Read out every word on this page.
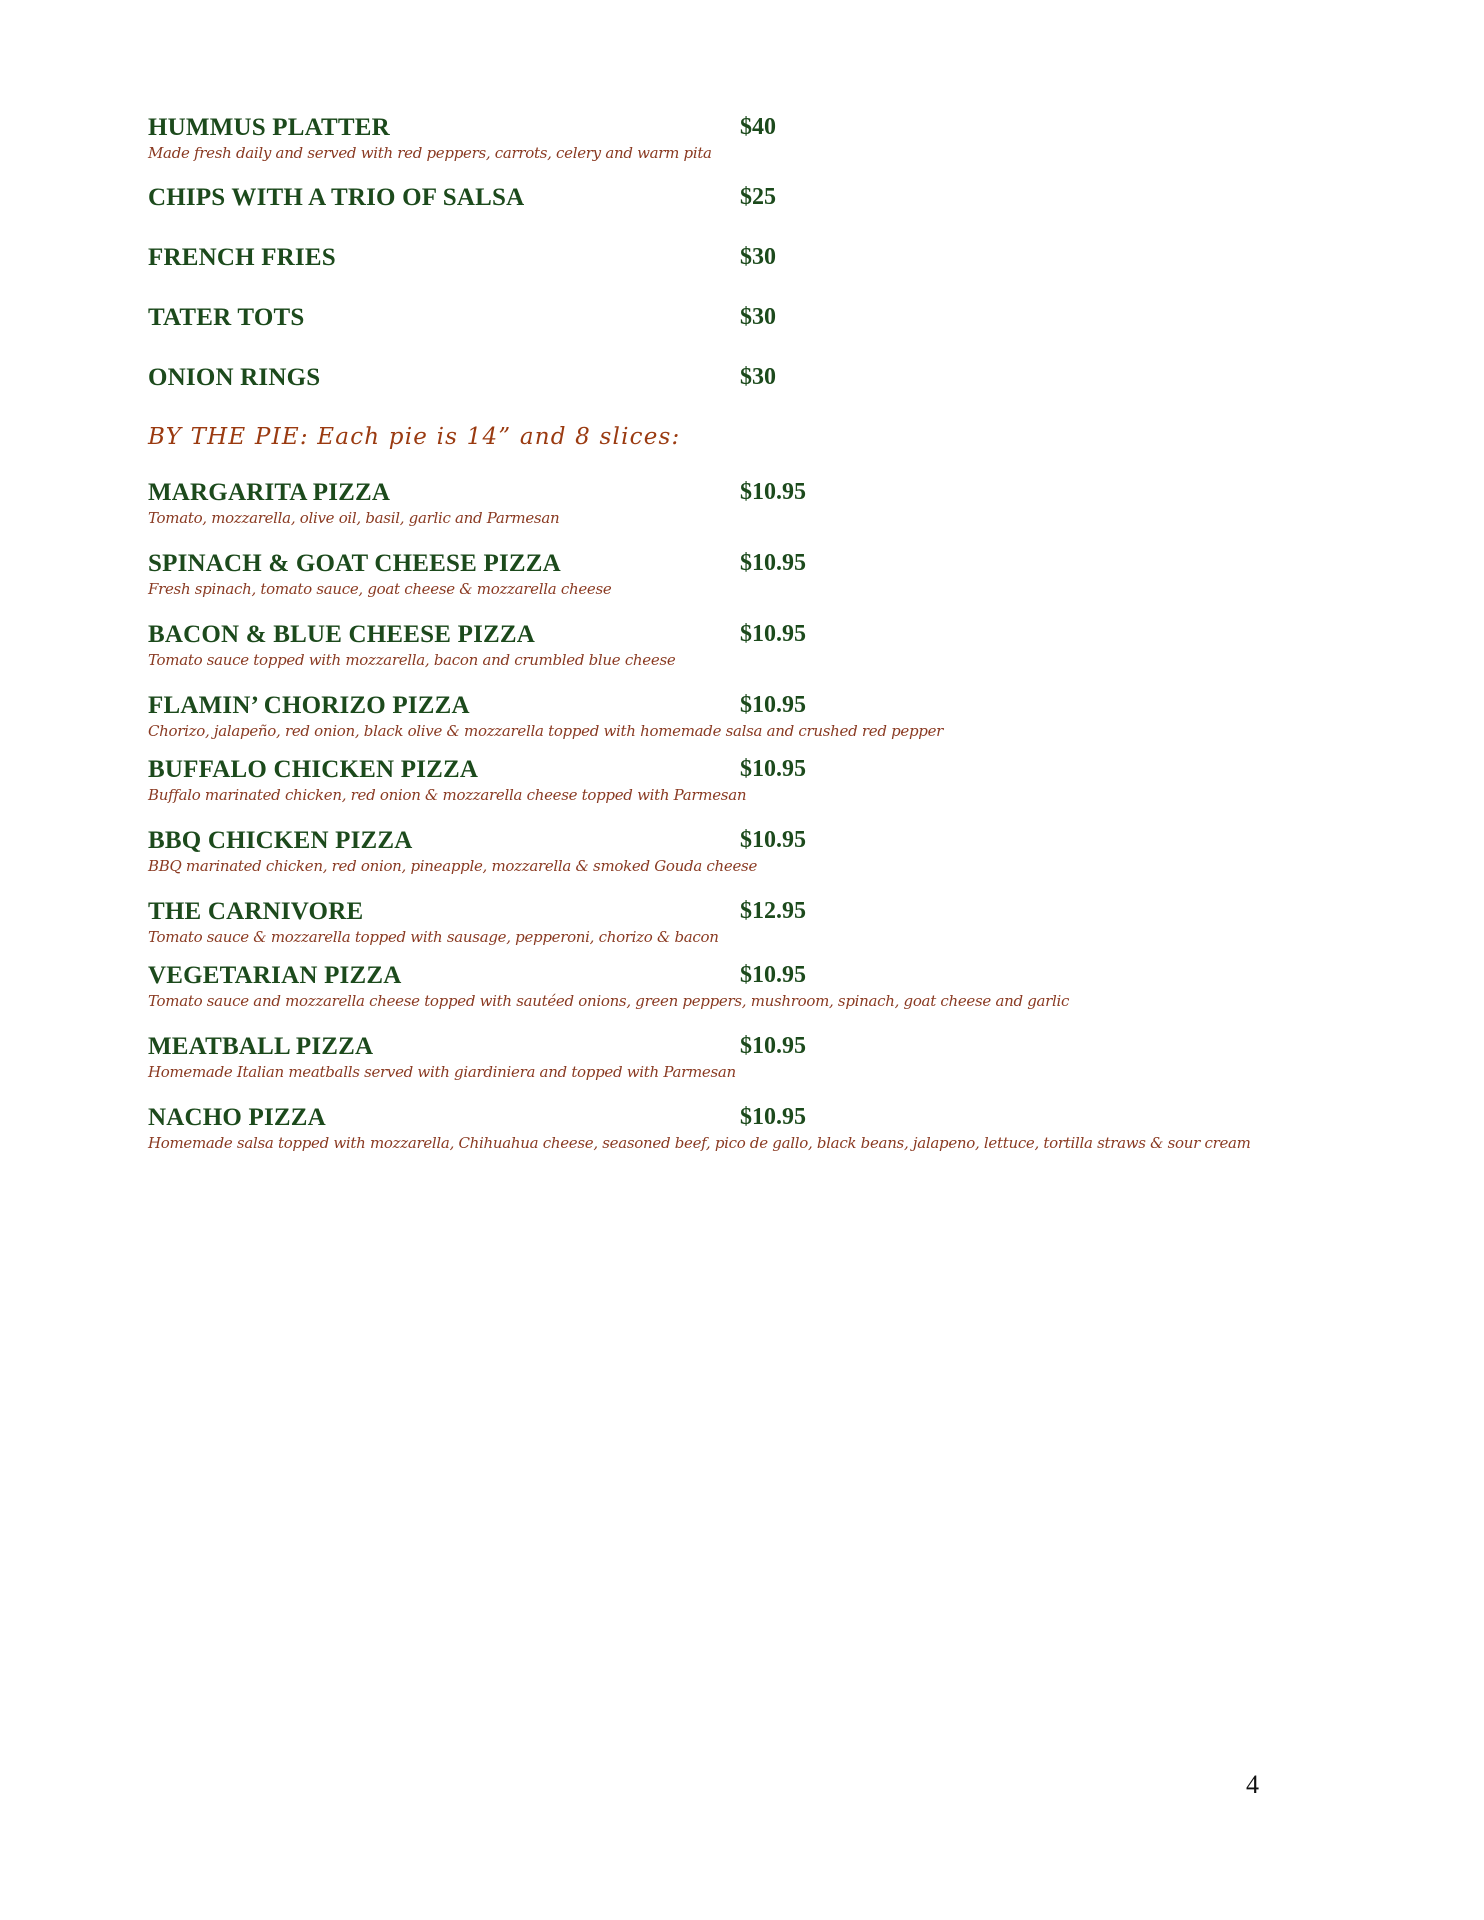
HUMMUS PLATTER	$40
Made fresh daily and served with red peppers, carrots, celery and warm pita
CHIPS WITH A TRIO OF SALSA	$25
FRENCH FRIES	$30
TATER TOTS	$30
ONION RINGS	$30
BY THE PIE: Each pie is 14” and 8 slices:
MARGARITA PIZZA	$10.95
Tomato, mozzarella, olive oil, basil, garlic and Parmesan
SPINACH & GOAT CHEESE PIZZA	$10.95
Fresh spinach, tomato sauce, goat cheese & mozzarella cheese
BACON & BLUE CHEESE PIZZA	$10.95
Tomato sauce topped with mozzarella, bacon and crumbled blue cheese
FLAMIN’ CHORIZO PIZZA	$10.95
Chorizo, jalapeño, red onion, black olive & mozzarella topped with homemade salsa and crushed red pepper
BUFFALO CHICKEN PIZZA	$10.95
Buffalo marinated chicken, red onion & mozzarella cheese topped with Parmesan
BBQ CHICKEN PIZZA	$10.95
BBQ marinated chicken, red onion, pineapple, mozzarella & smoked Gouda cheese
THE CARNIVORE	$12.95
Tomato sauce & mozzarella topped with sausage, pepperoni, chorizo & bacon
VEGETARIAN PIZZA	$10.95
Tomato sauce and mozzarella cheese topped with sautéed onions, green peppers, mushroom, spinach, goat cheese and garlic
MEATBALL PIZZA	$10.95
Homemade Italian meatballs served with giardiniera and topped with Parmesan
NACHO PIZZA	$10.95
Homemade salsa topped with mozzarella, Chihuahua cheese, seasoned beef, pico de gallo, black beans, jalapeno, lettuce, tortilla straws & sour cream
4
